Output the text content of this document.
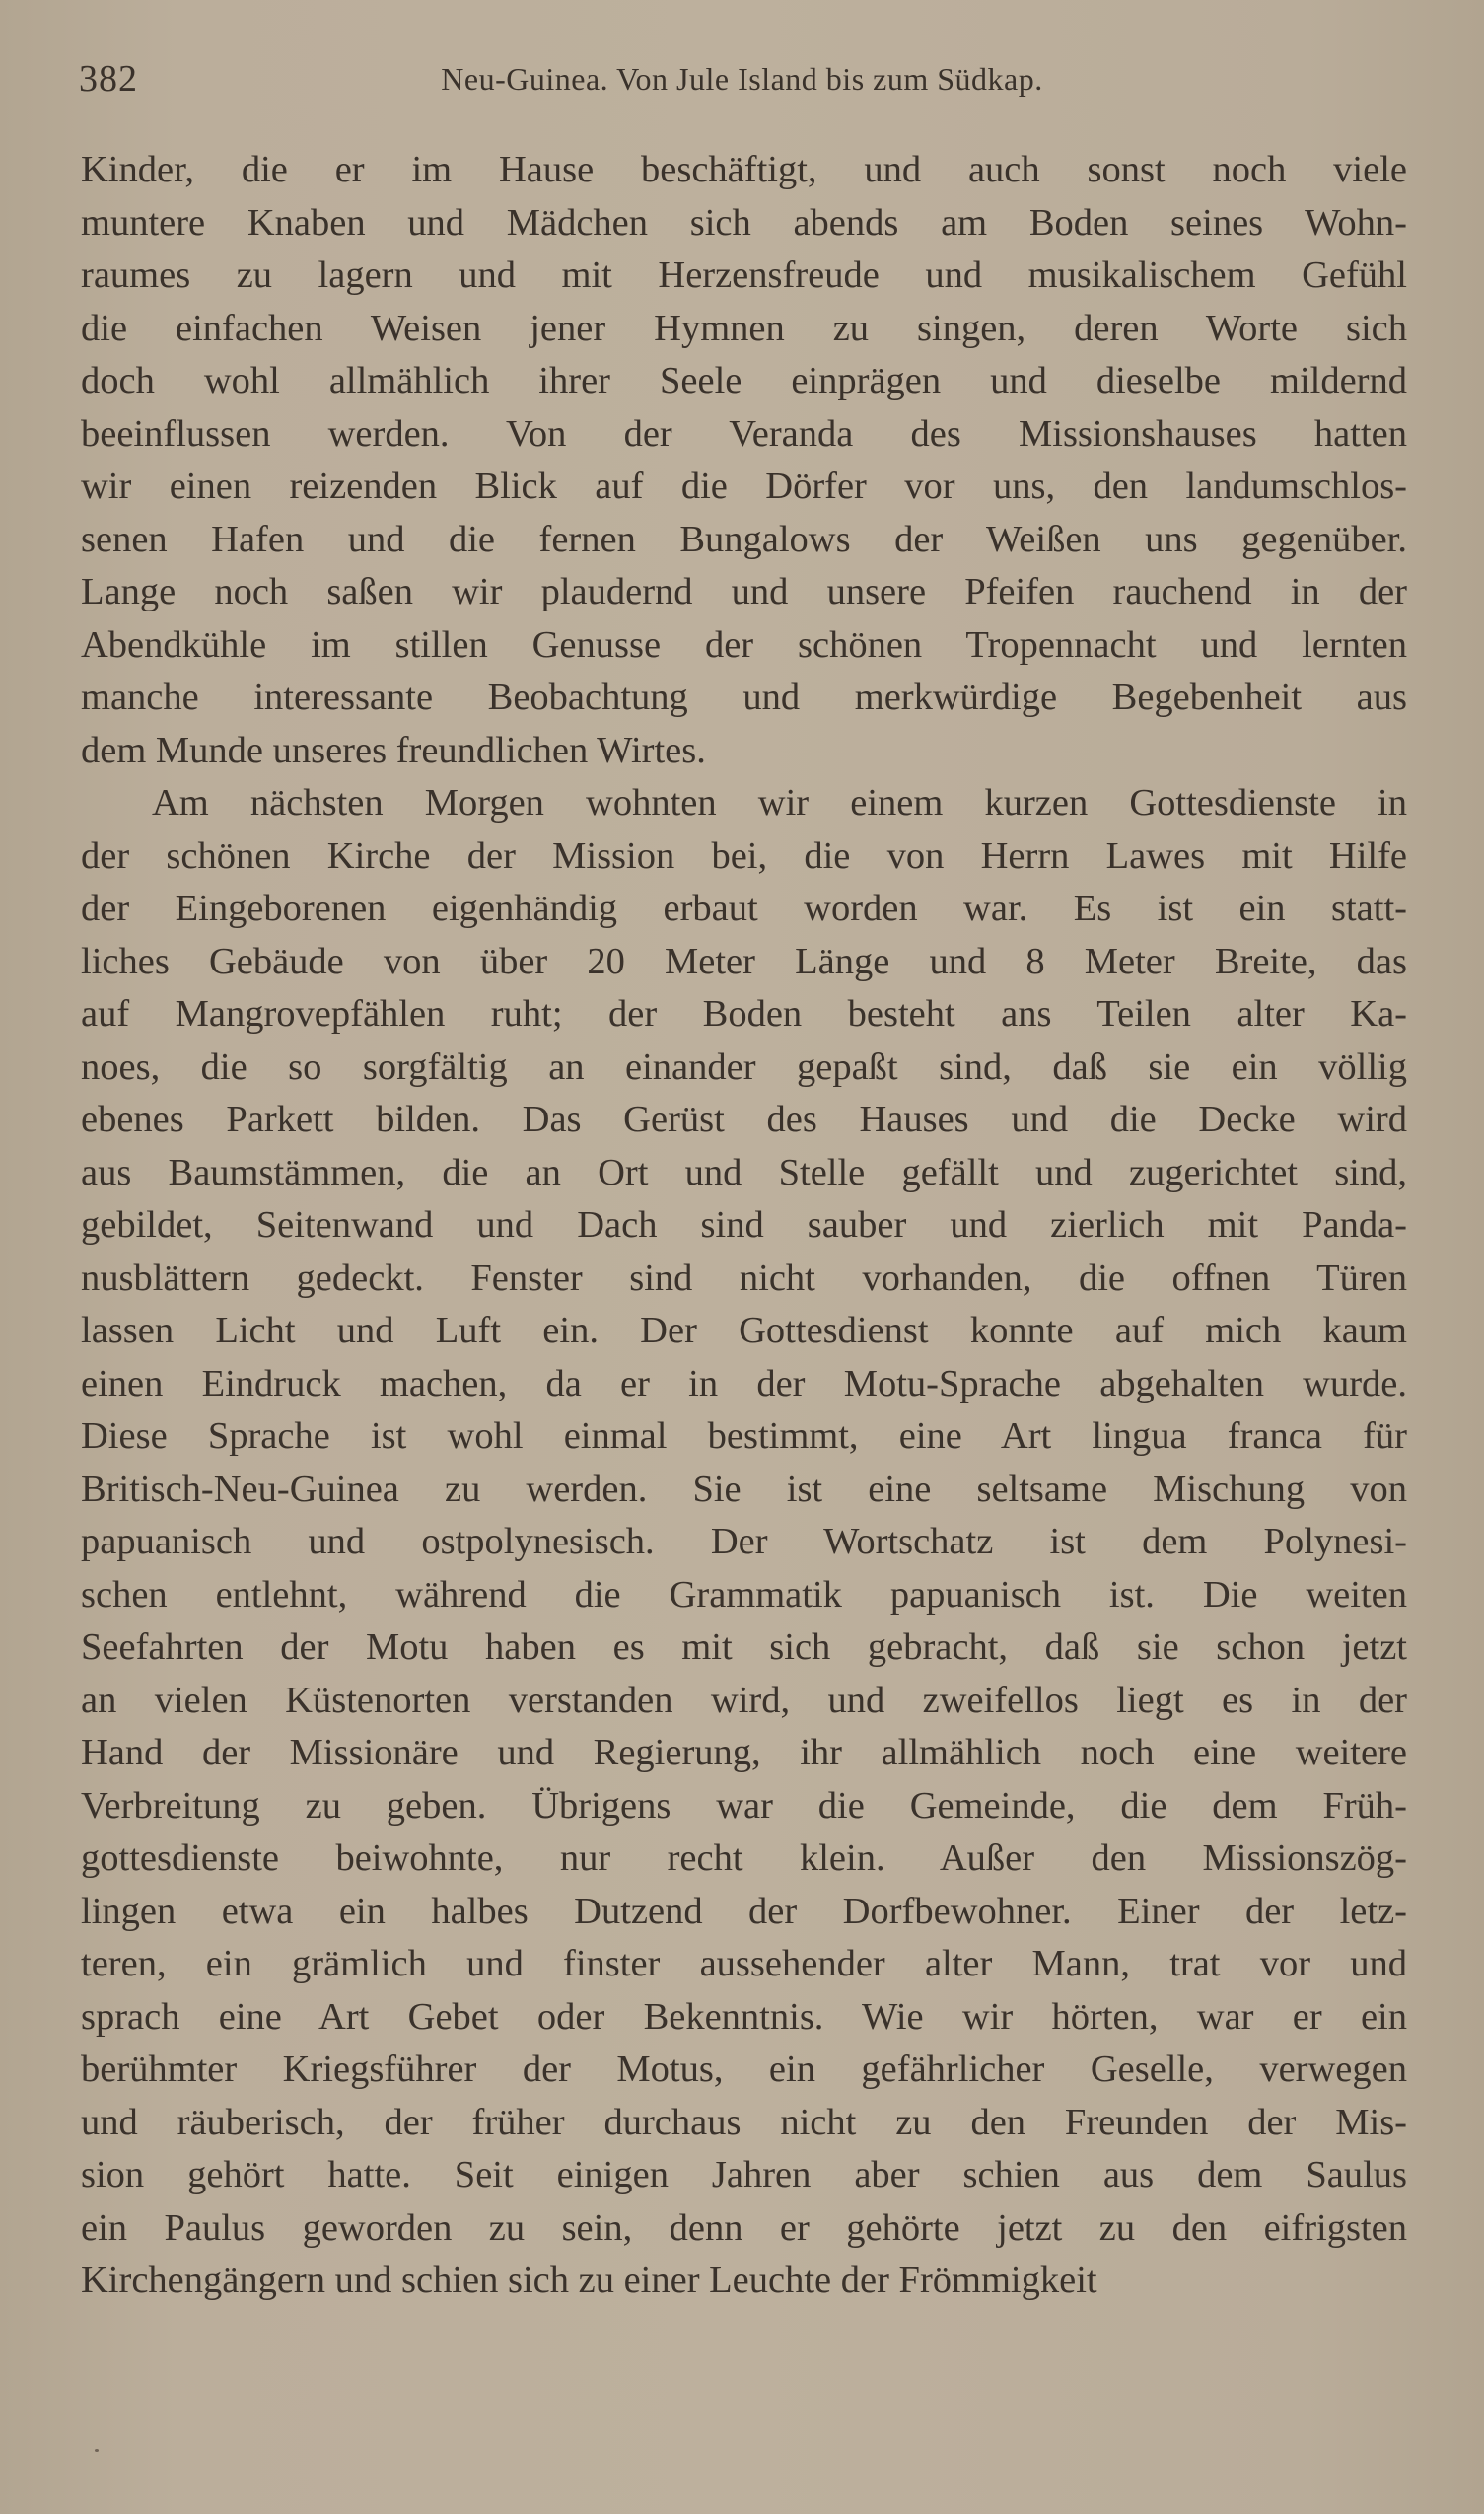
382	Neu-Guinea. Von Jule Island bis zum Südkap.
Kinder, die er im Hause beschäftigt, und auch sonst noch viele
muntere Knaben und Mädchen sich abends am Boden seines Wohn-
raumes zu lagern und mit Herzensfreude und musikalischem Gefühl
die einfachen Weisen jener Hymnen zu singen, deren Worte sich
doch wohl allmählich ihrer Seele einprägen und dieselbe mildernd
beeinflussen werden. Von der Veranda des Missionshauses hatten
wir einen reizenden Blick auf die Dörfer vor uns, den landumschlos-
senen Hafen und die fernen Bungalows der Weißen uns gegenüber.
Lange noch saßen wir plaudernd und unsere Pfeifen rauchend in der
Abendkühle im stillen Genusse der schönen Tropennacht und lernten
manche interessante Beobachtung und merkwürdige Begebenheit aus
dem Munde unseres freundlichen Wirtes.
Am nächsten Morgen wohnten wir einem kurzen Gottesdienste in
der schönen Kirche der Mission bei, die von Herrn Lawes mit Hilfe
der Eingeborenen eigenhändig erbaut worden war. Es ist ein statt-
liches Gebäude von über 20 Meter Länge und 8 Meter Breite, das
auf Mangrovepfählen ruht; der Boden besteht ans Teilen alter Ka-
noes, die so sorgfältig an einander gepaßt sind, daß sie ein völlig
ebenes Parkett bilden. Das Gerüst des Hauses und die Decke wird
aus Baumstämmen, die an Ort und Stelle gefällt und zugerichtet sind,
gebildet, Seitenwand und Dach sind sauber und zierlich mit Panda-
nusblättern gedeckt. Fenster sind nicht vorhanden, die offnen Türen
lassen Licht und Luft ein. Der Gottesdienst konnte auf mich kaum
einen Eindruck machen, da er in der Motu-Sprache abgehalten wurde.
Diese Sprache ist wohl einmal bestimmt, eine Art lingua franca für
Britisch-Neu-Guinea zu werden. Sie ist eine seltsame Mischung von
papuanisch und ostpolynesisch. Der Wortschatz ist dem Polynesi-
schen entlehnt, während die Grammatik papuanisch ist. Die weiten
Seefahrten der Motu haben es mit sich gebracht, daß sie schon jetzt
an vielen Küstenorten verstanden wird, und zweifellos liegt es in der
Hand der Missionäre und Regierung, ihr allmählich noch eine weitere
Verbreitung zu geben. Übrigens war die Gemeinde, die dem Früh-
gottesdienste beiwohnte, nur recht klein. Außer den Missionszög-
lingen etwa ein halbes Dutzend der Dorfbewohner. Einer der letz-
teren, ein grämlich und finster aussehender alter Mann, trat vor und
sprach eine Art Gebet oder Bekenntnis. Wie wir hörten, war er ein
berühmter Kriegsführer der Motus, ein gefährlicher Geselle, verwegen
und räuberisch, der früher durchaus nicht zu den Freunden der Mis-
sion gehört hatte. Seit einigen Jahren aber schien aus dem Saulus
ein Paulus geworden zu sein, denn er gehörte jetzt zu den eifrigsten
Kirchengängern und schien sich zu einer Leuchte der Frömmigkeit
